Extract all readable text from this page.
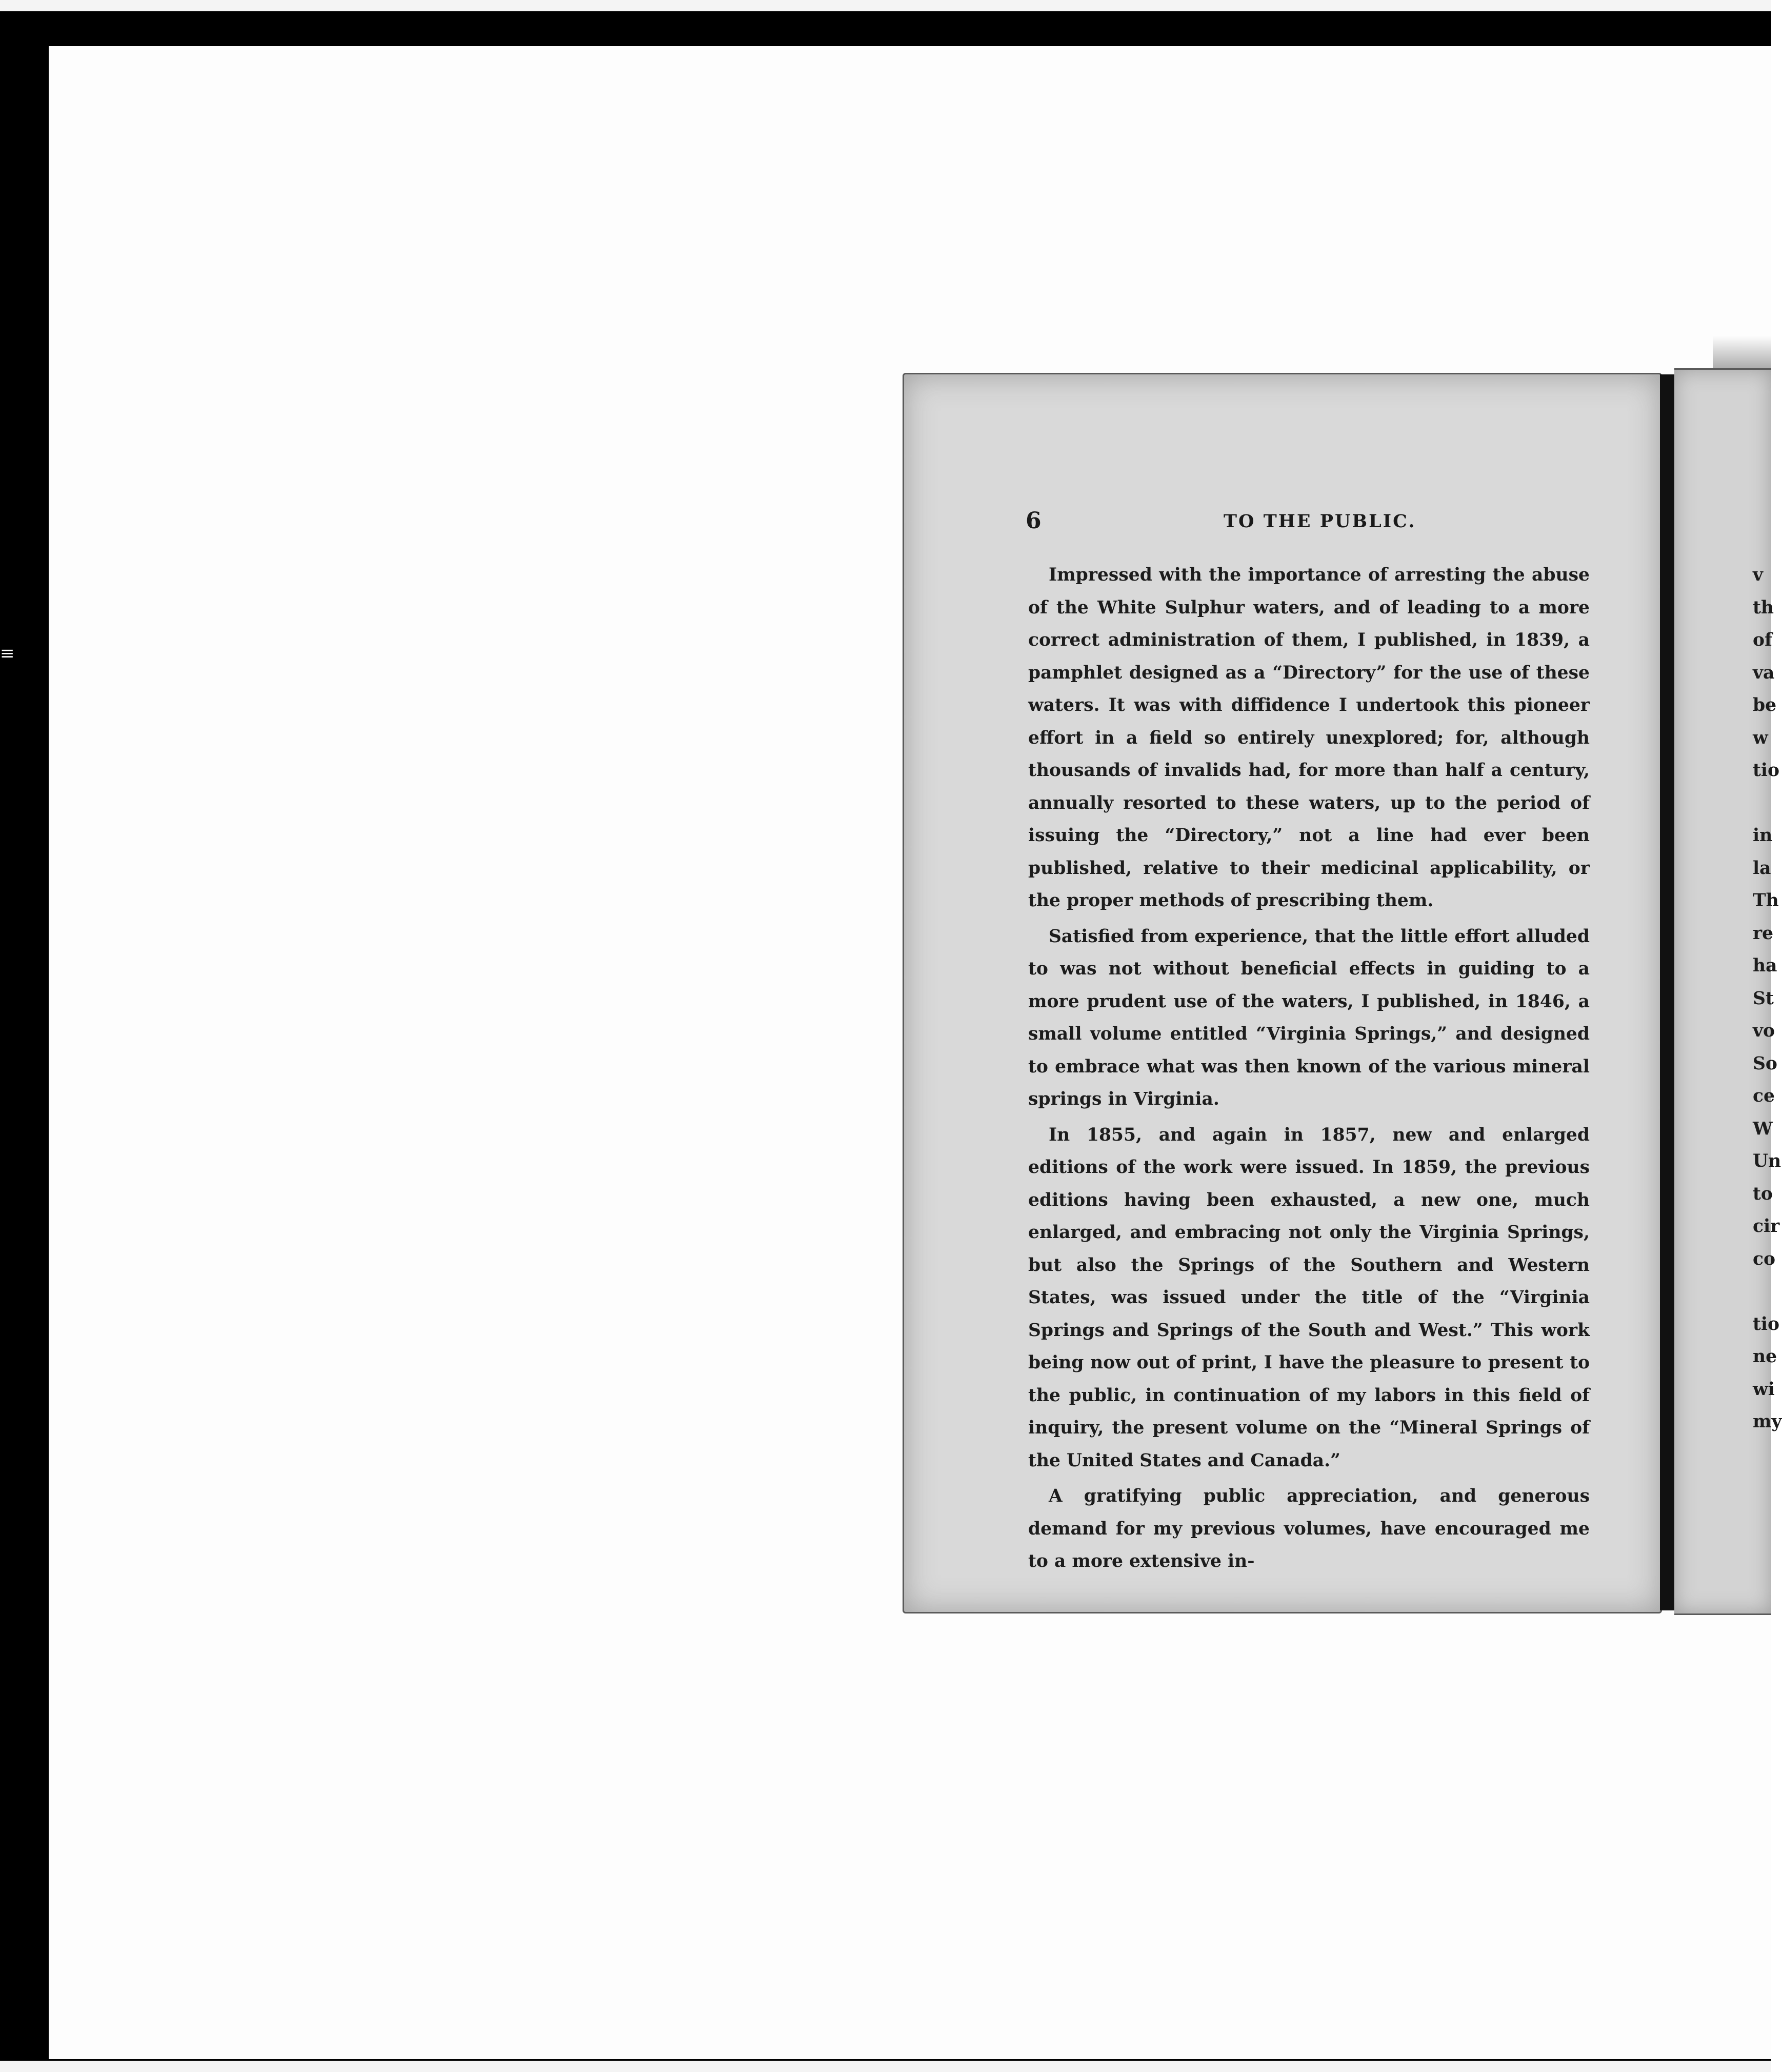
≡
6	TO THE PUBLIC.

Impressed with the importance of arresting the abuse of the White Sulphur waters, and of leading to a more correct administration of them, I published, in 1839, a pamphlet designed as a “Directory” for the use of these waters. It was with diffidence I undertook this pioneer effort in a field so entirely unexplored; for, although thousands of invalids had, for more than half a century, annually resorted to these waters, up to the period of issuing the “Directory,” not a line had ever been published, relative to their medicinal applicability, or the proper methods of prescribing them.

Satisfied from experience, that the little effort alluded to was not without beneficial effects in guiding to a more prudent use of the waters, I published, in 1846, a small volume entitled “Virginia Springs,” and designed to embrace what was then known of the various mineral springs in Virginia.

In 1855, and again in 1857, new and enlarged editions of the work were issued. In 1859, the previous editions having been exhausted, a new one, much enlarged, and embracing not only the Virginia Springs, but also the Springs of the Southern and Western States, was issued under the title of the “Virginia Springs and Springs of the South and West.” This work being now out of print, I have the pleasure to present to the public, in continuation of my labors in this field of inquiry, the present volume on the “Mineral Springs of the United States and Canada.”

A gratifying public appreciation, and generous demand for my previous volumes, have encouraged me to a more extensive in-

v
th
of
va
be
w
tio
in
la
Th
re
ha
St
vo
So
ce
W
Un
to
cir
co
tio
ne
wi
my
